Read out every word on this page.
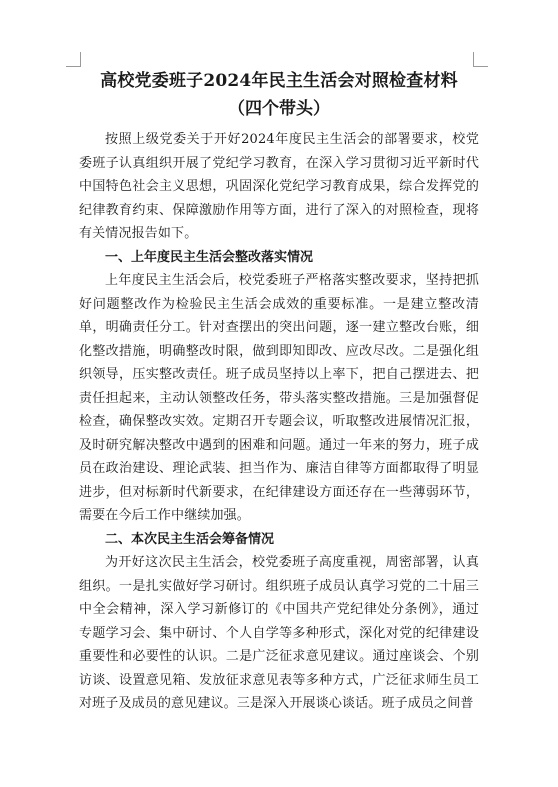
高校党委班子2024年民主生活会对照检查材料
（四个带头）

按照上级党委关于开好2024年度民主生活会的部署要求，校党委班子认真组织开展了党纪学习教育，在深入学习贯彻习近平新时代中国特色社会主义思想，巩固深化党纪学习教育成果，综合发挥党的纪律教育约束、保障激励作用等方面，进行了深入的对照检查，现将有关情况报告如下。

一、上年度民主生活会整改落实情况

上年度民主生活会后，校党委班子严格落实整改要求，坚持把抓好问题整改作为检验民主生活会成效的重要标准。一是建立整改清单，明确责任分工。针对查摆出的突出问题，逐一建立整改台账，细化整改措施，明确整改时限，做到即知即改、应改尽改。二是强化组织领导，压实整改责任。班子成员坚持以上率下，把自己摆进去、把责任担起来，主动认领整改任务，带头落实整改措施。三是加强督促检查，确保整改实效。定期召开专题会议，听取整改进展情况汇报，及时研究解决整改中遇到的困难和问题。通过一年来的努力，班子成员在政治建设、理论武装、担当作为、廉洁自律等方面都取得了明显进步，但对标新时代新要求，在纪律建设方面还存在一些薄弱环节，需要在今后工作中继续加强。

二、本次民主生活会筹备情况

为开好这次民主生活会，校党委班子高度重视，周密部署，认真组织。一是扎实做好学习研讨。组织班子成员认真学习党的二十届三中全会精神，深入学习新修订的《中国共产党纪律处分条例》，通过专题学习会、集中研讨、个人自学等多种形式，深化对党的纪律建设重要性和必要性的认识。二是广泛征求意见建议。通过座谈会、个别访谈、设置意见箱、发放征求意见表等多种方式，广泛征求师生员工对班子及成员的意见建议。三是深入开展谈心谈话。班子成员之间普
